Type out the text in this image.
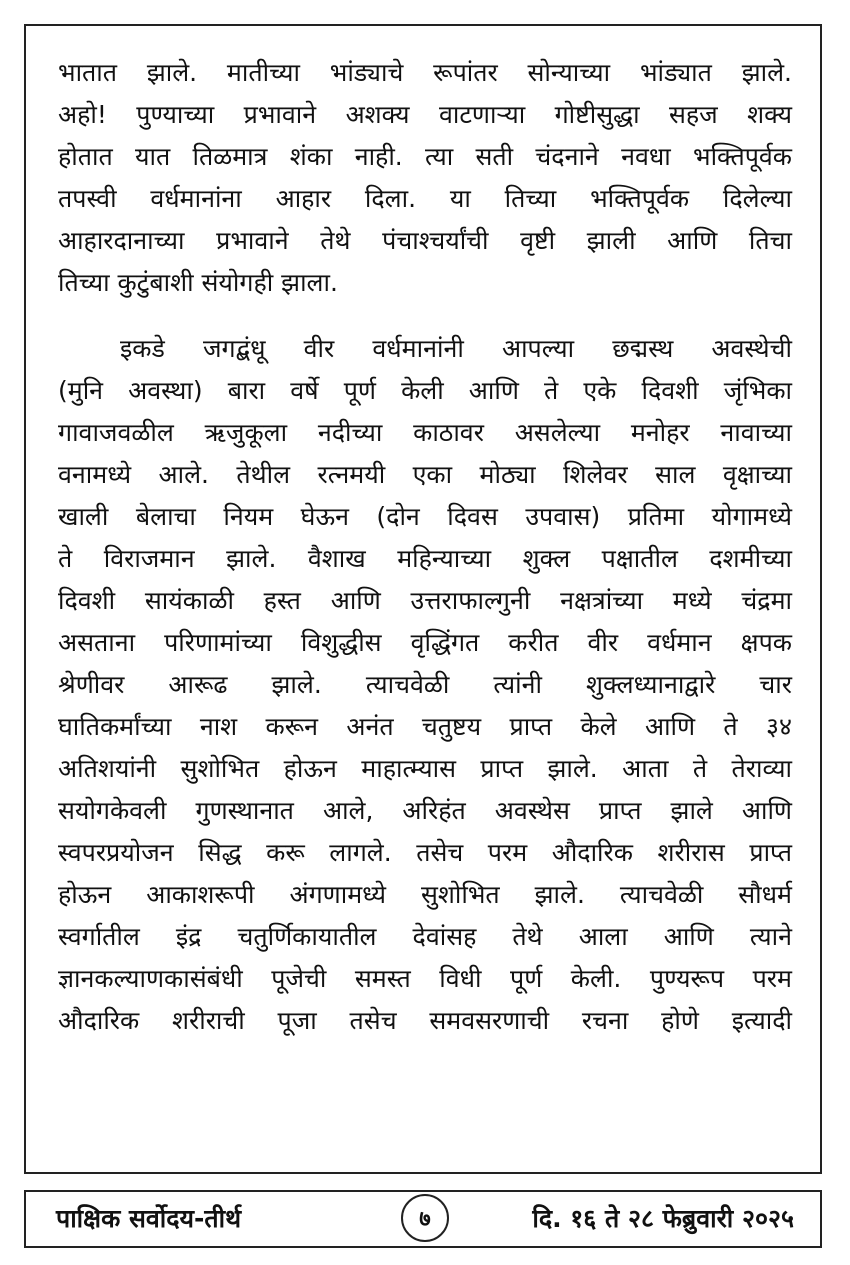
भातात झाले. मातीच्या भांड्याचे रूपांतर सोन्याच्या भांड्यात झाले.
अहो! पुण्याच्या प्रभावाने अशक्य वाटणाऱ्या गोष्टीसुद्धा सहज शक्य
होतात यात तिळमात्र शंका नाही. त्या सती चंदनाने नवधा भक्तिपूर्वक
तपस्वी वर्धमानांना आहार दिला. या तिच्या भक्तिपूर्वक दिलेल्या
आहारदानाच्या प्रभावाने तेथे पंचाश्चर्यांची वृष्टी झाली आणि तिचा
तिच्या कुटुंबाशी संयोगही झाला.

इकडे जगद्बंधू वीर वर्धमानांनी आपल्या छद्मस्थ अवस्थेची
(मुनि अवस्था) बारा वर्षे पूर्ण केली आणि ते एके दिवशी जृंभिका
गावाजवळील ऋजुकूला नदीच्या काठावर असलेल्या मनोहर नावाच्या
वनामध्ये आले. तेथील रत्नमयी एका मोठ्या शिलेवर साल वृक्षाच्या
खाली बेलाचा नियम घेऊन (दोन दिवस उपवास) प्रतिमा योगामध्ये
ते विराजमान झाले. वैशाख महिन्याच्या शुक्ल पक्षातील दशमीच्या
दिवशी सायंकाळी हस्त आणि उत्तराफाल्गुनी नक्षत्रांच्या मध्ये चंद्रमा
असताना परिणामांच्या विशुद्धीस वृद्धिंगत करीत वीर वर्धमान क्षपक
श्रेणीवर आरूढ झाले. त्याचवेळी त्यांनी शुक्लध्यानाद्वारे चार
घातिकर्मांच्या नाश करून अनंत चतुष्टय प्राप्त केले आणि ते ३४
अतिशयांनी सुशोभित होऊन माहात्म्यास प्राप्त झाले. आता ते तेराव्या
सयोगकेवली गुणस्थानात आले, अरिहंत अवस्थेस प्राप्त झाले आणि
स्वपरप्रयोजन सिद्ध करू लागले. तसेच परम औदारिक शरीरास प्राप्त
होऊन आकाशरूपी अंगणामध्ये सुशोभित झाले. त्याचवेळी सौधर्म
स्वर्गातील इंद्र चतुर्णिकायातील देवांसह तेथे आला आणि त्याने
ज्ञानकल्याणकासंबंधी पूजेची समस्त विधी पूर्ण केली. पुण्यरूप परम
औदारिक शरीराची पूजा तसेच समवसरणाची रचना होणे इत्यादी

पाक्षिक सर्वोदय-तीर्थ	७	दि. १६ ते २८ फेब्रुवारी २०२५
